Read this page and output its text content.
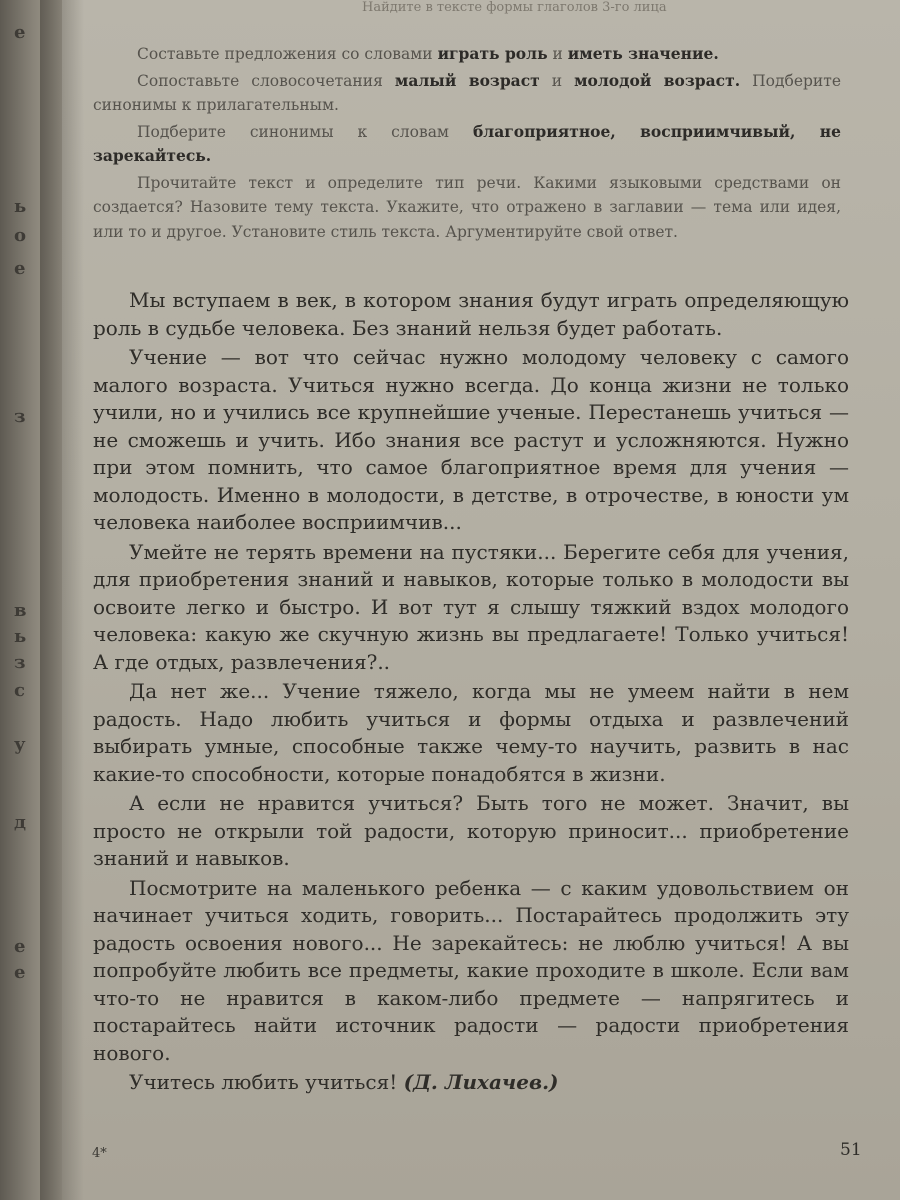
е
ь
о
е
з
в
ь
з
с
у
д
е
е
Найдите в тексте формы глаголов 3-го лица

Составьте предложения со словами играть роль и иметь значение.

Сопоставьте словосочетания малый возраст и молодой возраст. Подберите синонимы к прилагательным.

Подберите синонимы к словам благоприятное, восприимчивый, не зарекайтесь.

Прочитайте текст и определите тип речи. Какими языковыми средствами он создается? Назовите тему текста. Укажите, что отражено в заглавии — тема или идея, или то и другое. Установите стиль текста. Аргументируйте свой ответ.

Мы вступаем в век, в котором знания будут играть определяющую роль в судьбе человека. Без знаний нельзя будет работать.

Учение — вот что сейчас нужно молодому человеку с самого малого возраста. Учиться нужно всегда. До конца жизни не только учили, но и учились все крупнейшие ученые. Перестанешь учиться — не сможешь и учить. Ибо знания все растут и усложняются. Нужно при этом помнить, что самое благоприятное время для учения — молодость. Именно в молодости, в детстве, в отрочестве, в юности ум человека наиболее восприимчив...

Умейте не терять времени на пустяки... Берегите себя для учения, для приобретения знаний и навыков, которые только в молодости вы освоите легко и быстро. И вот тут я слышу тяжкий вздох молодого человека: какую же скучную жизнь вы предлагаете! Только учиться! А где отдых, развлечения?..

Да нет же... Учение тяжело, когда мы не умеем найти в нем радость. Надо любить учиться и формы отдыха и развлечений выбирать умные, способные также чему-то научить, развить в нас какие-то способности, которые понадобятся в жизни.

А если не нравится учиться? Быть того не может. Значит, вы просто не открыли той радости, которую приносит... приобретение знаний и навыков.

Посмотрите на маленького ребенка — с каким удовольствием он начинает учиться ходить, говорить... Постарайтесь продолжить эту радость освоения нового... Не зарекайтесь: не люблю учиться! А вы попробуйте любить все предметы, какие проходите в школе. Если вам что-то не нравится в каком-либо предмете — напрягитесь и постарайтесь найти источник радости — радости приобретения нового.

Учитесь любить учиться! (Д. Лихачев.)

4*	51
